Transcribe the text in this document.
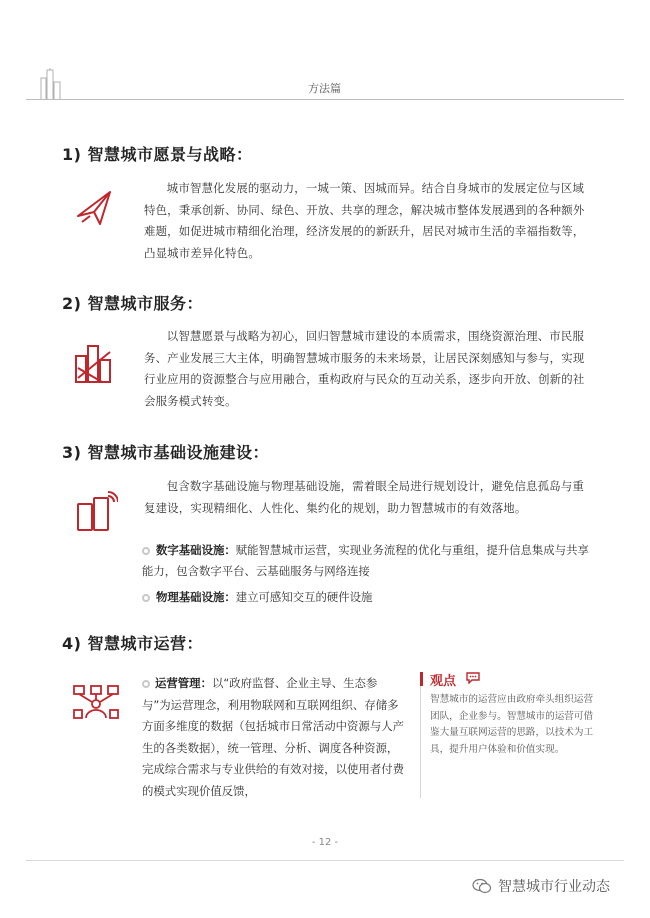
方法篇
1) 智慧城市愿景与战略：

城市智慧化发展的驱动力，一城一策、因城而异。结合自身城市的发展定位与区域特色，秉承创新、协同、绿色、开放、共享的理念，解决城市整体发展遇到的各种额外难题，如促进城市精细化治理，经济发展的的新跃升，居民对城市生活的幸福指数等，凸显城市差异化特色。

2) 智慧城市服务：

以智慧愿景与战略为初心，回归智慧城市建设的本质需求，围绕资源治理、市民服务、产业发展三大主体，明确智慧城市服务的未来场景，让居民深刻感知与参与，实现行业应用的资源整合与应用融合，重构政府与民众的互动关系，逐步向开放、创新的社会服务模式转变。

3) 智慧城市基础设施建设：

包含数字基础设施与物理基础设施，需着眼全局进行规划设计，避免信息孤岛与重复建设，实现精细化、人性化、集约化的规划，助力智慧城市的有效落地。

数字基础设施：赋能智慧城市运营，实现业务流程的优化与重组，提升信息集成与共享能力，包含数字平台、云基础服务与网络连接

物理基础设施：建立可感知交互的硬件设施

4) 智慧城市运营：

运营管理：以“政府监督、企业主导、生态参与”为运营理念，利用物联网和互联网组织、存储多方面多维度的数据（包括城市日常活动中资源与人产生的各类数据），统一管理、分析、调度各种资源，完成综合需求与专业供给的有效对接，以使用者付费的模式实现价值反馈，

观点

智慧城市的运营应由政府牵头组织运营团队，企业参与。智慧城市的运营可借鉴大量互联网运营的思路，以技术为工具，提升用户体验和价值实现。

- 12 -
智慧城市行业动态
